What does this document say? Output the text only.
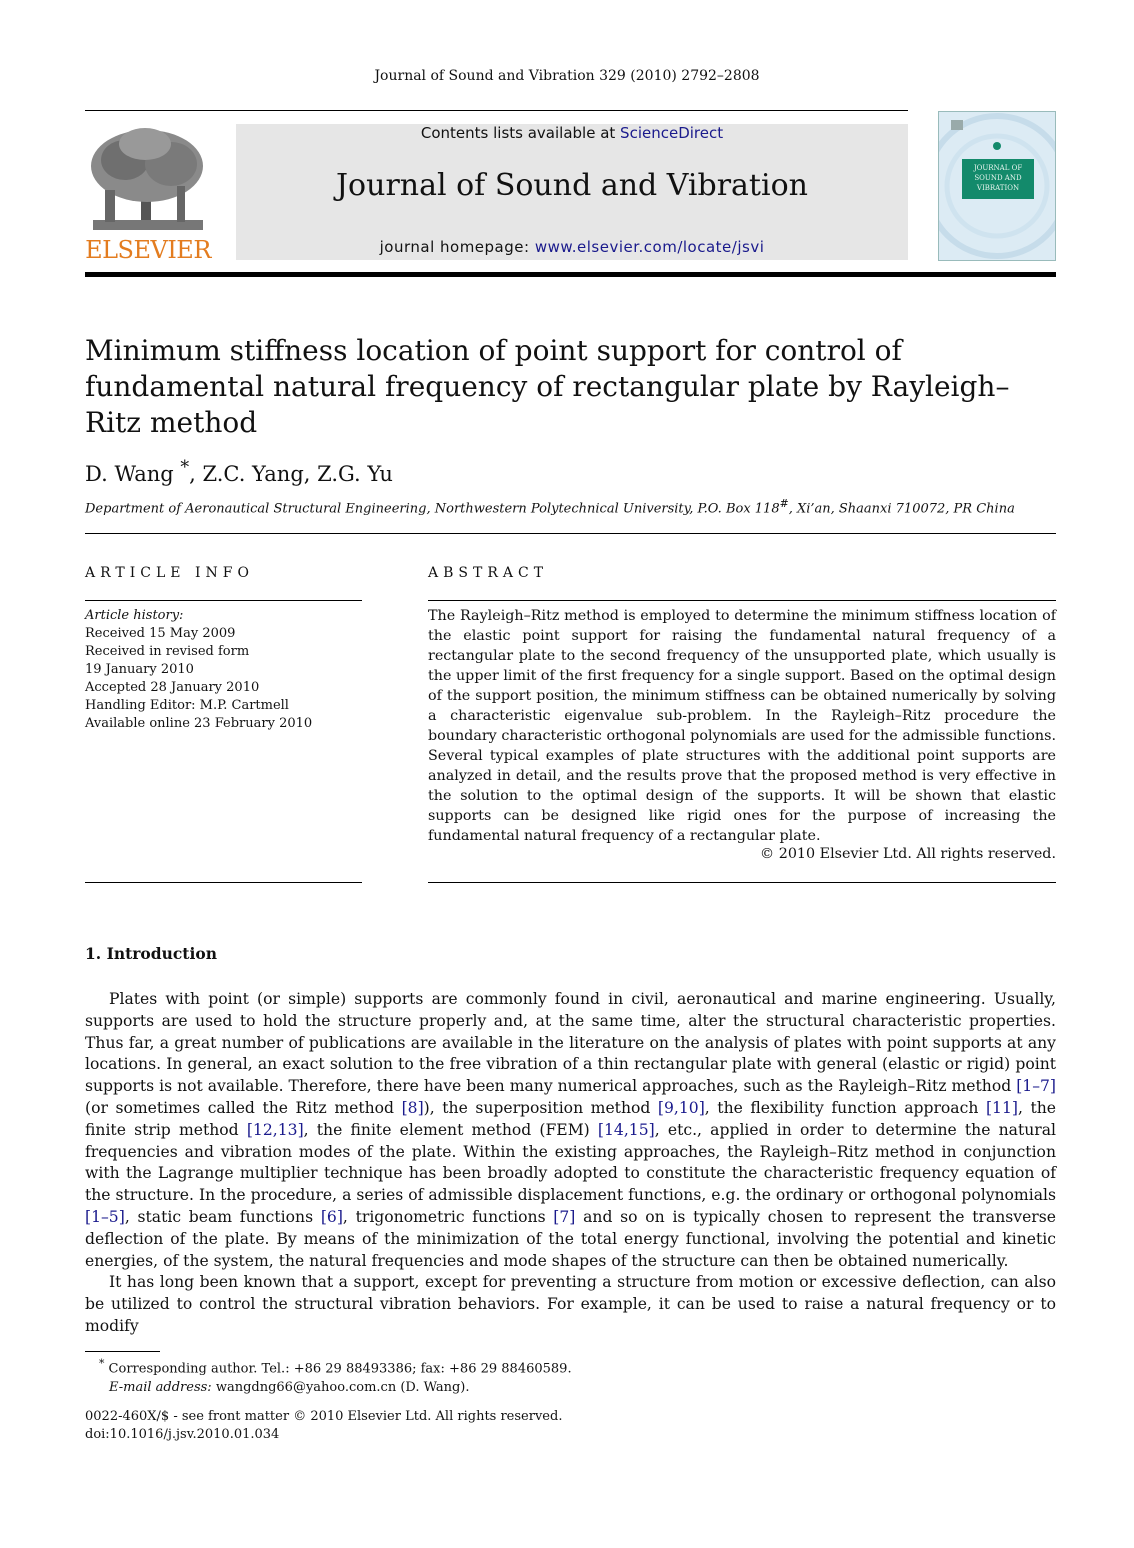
Journal of Sound and Vibration 329 (2010) 2792–2808
ELSEVIER
Contents lists available at ScienceDirect
Journal of Sound and Vibration
journal homepage: www.elsevier.com/locate/jsvi
JOURNAL OF SOUND AND VIBRATION
Minimum stiffness location of point support for control of fundamental natural frequency of rectangular plate by Rayleigh–Ritz method
D. Wang *, Z.C. Yang, Z.G. Yu
Department of Aeronautical Structural Engineering, Northwestern Polytechnical University, P.O. Box 118#, Xi’an, Shaanxi 710072, PR China
ARTICLE INFO
Article history:
Received 15 May 2009
Received in revised form
19 January 2010
Accepted 28 January 2010
Handling Editor: M.P. Cartmell
Available online 23 February 2010
ABSTRACT
The Rayleigh–Ritz method is employed to determine the minimum stiffness location of the elastic point support for raising the fundamental natural frequency of a rectangular plate to the second frequency of the unsupported plate, which usually is the upper limit of the first frequency for a single support. Based on the optimal design of the support position, the minimum stiffness can be obtained numerically by solving a characteristic eigenvalue sub-problem. In the Rayleigh–Ritz procedure the boundary characteristic orthogonal polynomials are used for the admissible functions. Several typical examples of plate structures with the additional point supports are analyzed in detail, and the results prove that the proposed method is very effective in the solution to the optimal design of the supports. It will be shown that elastic supports can be designed like rigid ones for the purpose of increasing the fundamental natural frequency of a rectangular plate.
© 2010 Elsevier Ltd. All rights reserved.
1. Introduction

Plates with point (or simple) supports are commonly found in civil, aeronautical and marine engineering. Usually, supports are used to hold the structure properly and, at the same time, alter the structural characteristic properties. Thus far, a great number of publications are available in the literature on the analysis of plates with point supports at any locations. In general, an exact solution to the free vibration of a thin rectangular plate with general (elastic or rigid) point supports is not available. Therefore, there have been many numerical approaches, such as the Rayleigh–Ritz method [1–7] (or sometimes called the Ritz method [8]), the superposition method [9,10], the flexibility function approach [11], the finite strip method [12,13], the finite element method (FEM) [14,15], etc., applied in order to determine the natural frequencies and vibration modes of the plate. Within the existing approaches, the Rayleigh–Ritz method in conjunction with the Lagrange multiplier technique has been broadly adopted to constitute the characteristic frequency equation of the structure. In the procedure, a series of admissible displacement functions, e.g. the ordinary or orthogonal polynomials [1–5], static beam functions [6], trigonometric functions [7] and so on is typically chosen to represent the transverse deflection of the plate. By means of the minimization of the total energy functional, involving the potential and kinetic energies, of the system, the natural frequencies and mode shapes of the structure can then be obtained numerically.

It has long been known that a support, except for preventing a structure from motion or excessive deflection, can also be utilized to control the structural vibration behaviors. For example, it can be used to raise a natural frequency or to modify

* Corresponding author. Tel.: +86 29 88493386; fax: +86 29 88460589.
E-mail address: wangdng66@yahoo.com.cn (D. Wang).
0022-460X/$ - see front matter © 2010 Elsevier Ltd. All rights reserved.
doi:10.1016/j.jsv.2010.01.034
